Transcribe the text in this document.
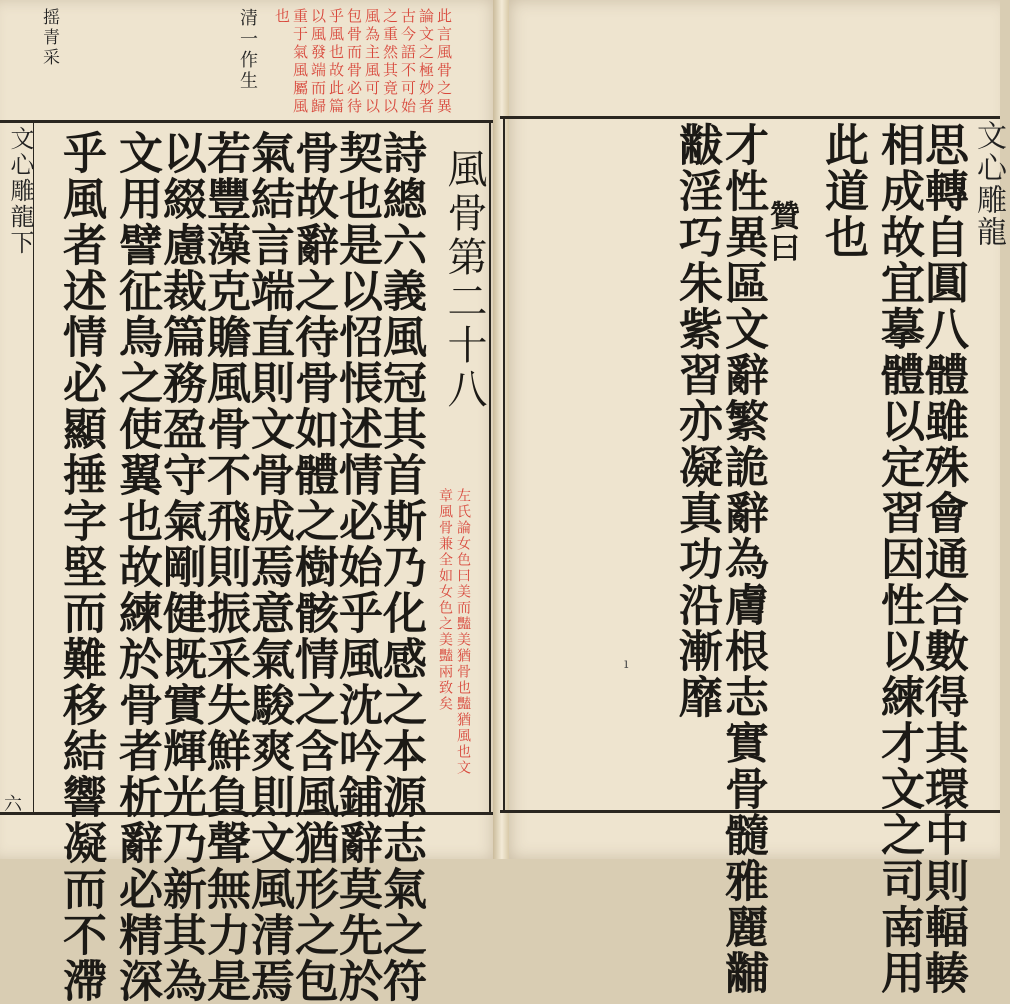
摇青采	清一作生	此言風骨之異
論文之極妙者
古今語不可始
之重然其竟以
風為主風可以
包骨而骨必待
乎風也故此篇
以風發端而歸
重于氣風屬風
也
風骨第二十八
左氏論女色曰美而豔美猶骨也豔猶風也文
章風骨兼全如女色之美豔兩致矣
詩總六義風冠其首斯乃化感之本源志氣之符
契也是以怊悵述情必始乎風沈吟鋪辭莫先於
骨故辭之待骨如體之樹骸情之含風猶形之包
氣結言端直則文骨成焉意氣駿爽則文風清焉
若豐藻克贍風骨不飛則振采失鮮負聲無力是
以綴慮裁篇務盈守氣剛健既實輝光乃新其為
文用譬征鳥之使翼也故練於骨者析辭必精深
乎風者述情必顯捶字堅而難移結響凝而不滯
文心雕龍下
六
文心雕龍
思轉自圓八體雖殊會通合數得其環中則輻輳
相成故宜摹體以定習因性以練才文之司南用
此道也
贊曰
才性異區文辭繁詭辭為膚根志實骨髓雅麗黼
黻淫巧朱紫習亦凝真功沿漸靡
ı
